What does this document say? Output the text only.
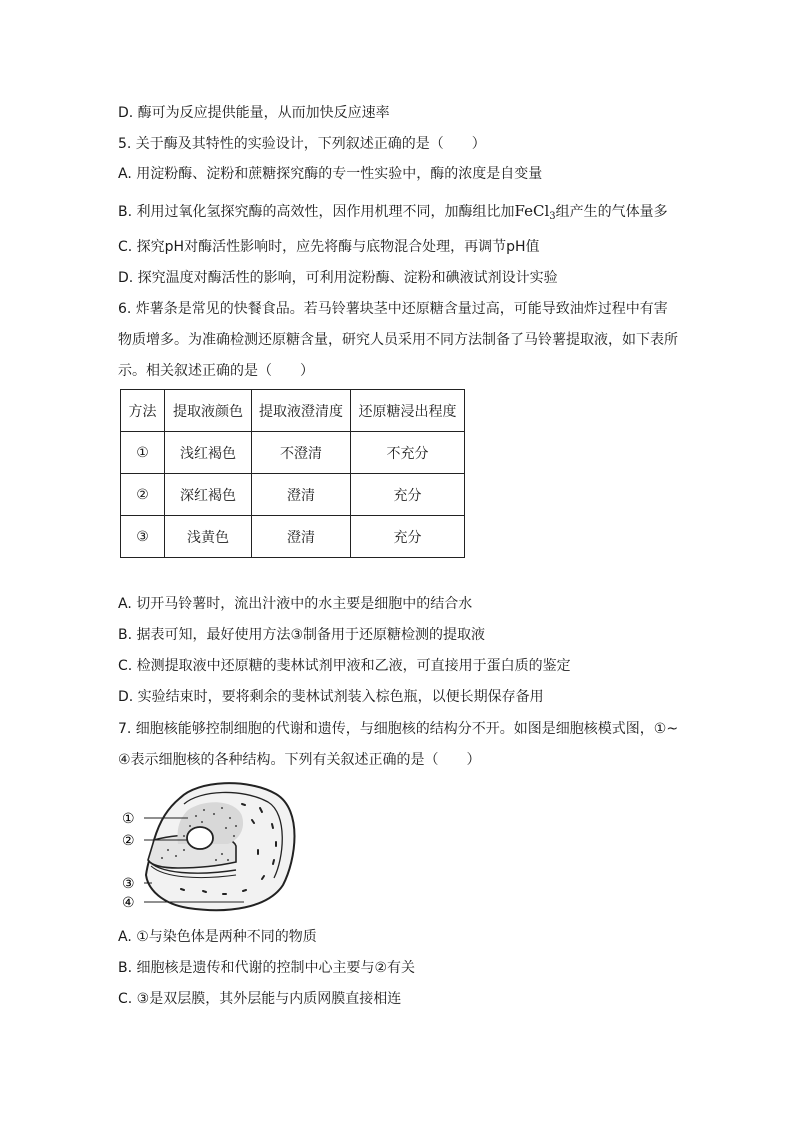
D. 酶可为反应提供能量，从而加快反应速率
5. 关于酶及其特性的实验设计，下列叙述正确的是（　　）
A. 用淀粉酶、淀粉和蔗糖探究酶的专一性实验中，酶的浓度是自变量
B. 利用过氧化氢探究酶的高效性，因作用机理不同，加酶组比加FeCl$_3$组产生的气体量多
C. 探究pH对酶活性影响时，应先将酶与底物混合处理，再调节pH值
D. 探究温度对酶活性的影响，可利用淀粉酶、淀粉和碘液试剂设计实验
6. 炸薯条是常见的快餐食品。若马铃薯块茎中还原糖含量过高，可能导致油炸过程中有害
物质增多。为准确检测还原糖含量，研究人员采用不同方法制备了马铃薯提取液，如下表所
示。相关叙述正确的是（　　）
方法	提取液颜色	提取液澄清度	还原糖浸出程度
①	浅红褐色	不澄清	不充分
②	深红褐色	澄清	充分
③	浅黄色	澄清	充分
A. 切开马铃薯时，流出汁液中的水主要是细胞中的结合水
B. 据表可知，最好使用方法③制备用于还原糖检测的提取液
C. 检测提取液中还原糖的斐林试剂甲液和乙液，可直接用于蛋白质的鉴定
D. 实验结束时，要将剩余的斐林试剂装入棕色瓶，以便长期保存备用
7. 细胞核能够控制细胞的代谢和遗传，与细胞核的结构分不开。如图是细胞核模式图，①~
④表示细胞核的各种结构。下列有关叙述正确的是（　　）
①
②
③
④
A. ①与染色体是两种不同的物质
B. 细胞核是遗传和代谢的控制中心主要与②有关
C. ③是双层膜，其外层能与内质网膜直接相连
